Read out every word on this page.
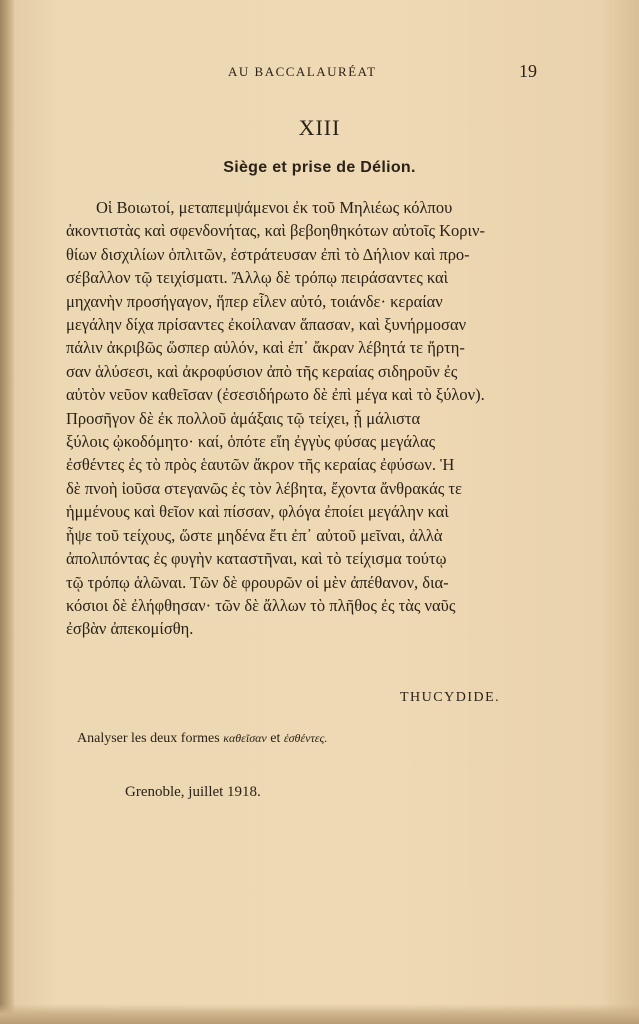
AU BACCALAURÉAT	19
XIII
Siège et prise de Délion.
Οἱ Βοιωτοί, μεταπεμψάμενοι ἐκ τοῦ Μηλιέως κόλπου
ἀκοντιστὰς καὶ σφενδονήτας, καὶ βεβοηθηκότων αὐτοῖς Κοριν-
θίων δισχιλίων ὁπλιτῶν, ἐστράτευσαν ἐπὶ τὸ Δήλιον καὶ προ-
σέβαλλον τῷ τειχίσματι. Ἄλλῳ δὲ τρόπῳ πειράσαντες καὶ
μηχανὴν προσήγαγον, ἥπερ εἷλεν αὐτό, τοιάνδε· κεραίαν
μεγάλην δίχα πρίσαντες ἐκοίλαναν ἅπασαν, καὶ ξυνήρμοσαν
πάλιν ἀκριβῶς ὥσπερ αὐλόν, καὶ ἐπ᾽ ἄκραν λέβητά τε ἤρτη-
σαν ἁλύσεσι, καὶ ἀκροφύσιον ἀπὸ τῆς κεραίας σιδηροῦν ἐς
αὐτὸν νεῦον καθεῖσαν (ἐσεσιδήρωτο δὲ ἐπὶ μέγα καὶ τὸ ξύλον).
Προσῆγον δὲ ἐκ πολλοῦ ἁμάξαις τῷ τείχει, ᾗ μάλιστα
ξύλοις ᾠκοδόμητο· καί, ὁπότε εἴη ἐγγὺς φύσας μεγάλας
ἐσθέντες ἐς τὸ πρὸς ἑαυτῶν ἄκρον τῆς κεραίας ἐφύσων. Ἡ
δὲ πνοὴ ἰοῦσα στεγανῶς ἐς τὸν λέβητα, ἔχοντα ἄνθρακάς τε
ἡμμένους καὶ θεῖον καὶ πίσσαν, φλόγα ἐποίει μεγάλην καὶ
ἧψε τοῦ τείχους, ὥστε μηδένα ἔτι ἐπ᾽ αὐτοῦ μεῖναι, ἀλλὰ
ἀπολιπόντας ἐς φυγὴν καταστῆναι, καὶ τὸ τείχισμα τούτῳ
τῷ τρόπῳ ἁλῶναι. Τῶν δὲ φρουρῶν οἱ μὲν ἀπέθανον, δια-
κόσιοι δὲ ἐλήφθησαν· τῶν δὲ ἄλλων τὸ πλῆθος ἐς τὰς ναῦς
ἐσβὰν ἀπεκομίσθη.
THUCYDIDE.
Analyser les deux formes καθεῖσαν et ἐσθέντες.
Grenoble, juillet 1918.
